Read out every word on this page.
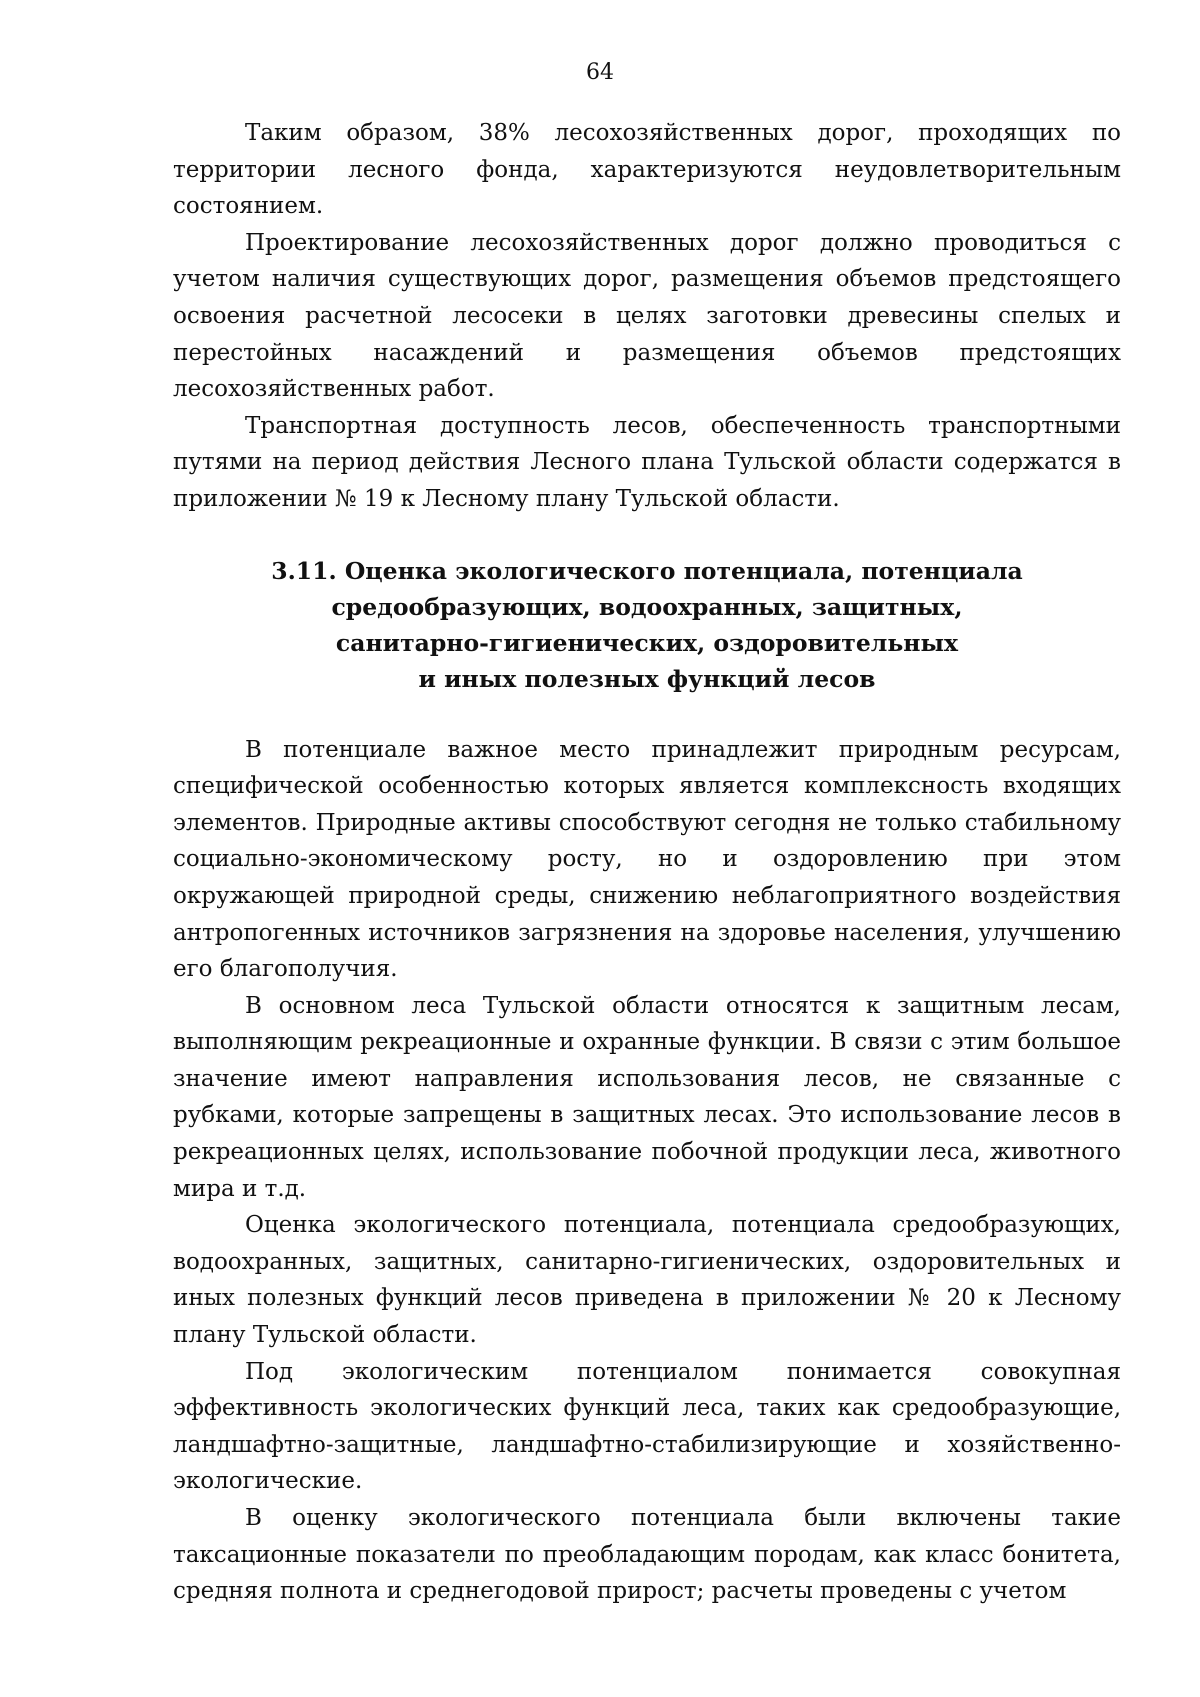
64

Таким образом, 38% лесохозяйственных дорог, проходящих по территории лесного фонда, характеризуются неудовлетворительным состоянием.

Проектирование лесохозяйственных дорог должно проводиться с учетом наличия существующих дорог, размещения объемов предстоящего освоения расчетной лесосеки в целях заготовки древесины спелых и перестойных насаждений и размещения объемов предстоящих лесохозяйственных работ.

Транспортная доступность лесов, обеспеченность транспортными путями на период действия Лесного плана Тульской области содержатся в приложении № 19 к Лесному плану Тульской области.

3.11. Оценка экологического потенциала, потенциала
средообразующих, водоохранных, защитных,
санитарно-гигиенических, оздоровительных
и иных полезных функций лесов

В потенциале важное место принадлежит природным ресурсам, специфической особенностью которых является комплексность входящих элементов. Природные активы способствуют сегодня не только стабильному социально-экономическому росту, но и оздоровлению при этом окружающей природной среды, снижению неблагоприятного воздействия антропогенных источников загрязнения на здоровье населения, улучшению его благополучия.

В основном леса Тульской области относятся к защитным лесам, выполняющим рекреационные и охранные функции. В связи с этим большое значение имеют направления использования лесов, не связанные с рубками, которые запрещены в защитных лесах. Это использование лесов в рекреационных целях, использование побочной продукции леса, животного мира и т.д.

Оценка экологического потенциала, потенциала средообразующих, водоохранных, защитных, санитарно-гигиенических, оздоровительных и иных полезных функций лесов приведена в приложении № 20 к Лесному плану Тульской области.

Под экологическим потенциалом понимается совокупная эффективность экологических функций леса, таких как средообразующие, ландшафтно-защитные, ландшафтно-стабилизирующие и хозяйственно-экологические.

В оценку экологического потенциала были включены такие таксационные показатели по преобладающим породам, как класс бонитета, средняя полнота и среднегодовой прирост; расчеты проведены с учетом
